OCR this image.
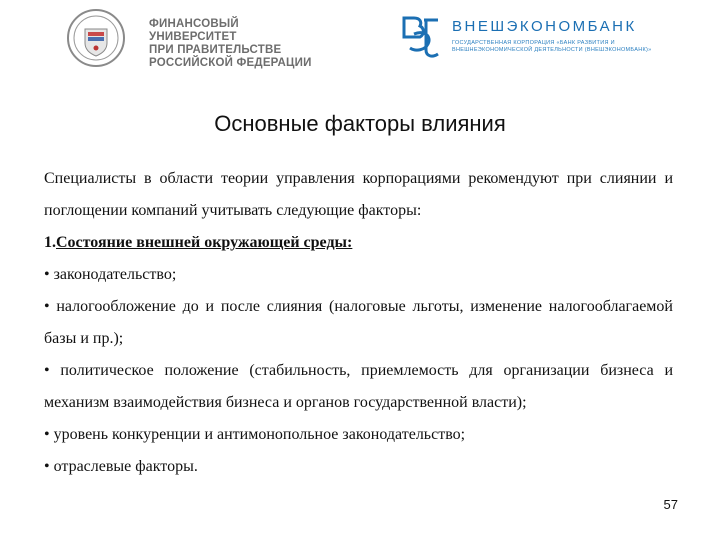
ФИНАНСОВЫЙ УНИВЕРСИТЕТ
ПРИ ПРАВИТЕЛЬСТВЕ
РОССИЙСКОЙ ФЕДЕРАЦИИ
ВНЕШЭКОНОМБАНК
ГОСУДАРСТВЕННАЯ КОРПОРАЦИЯ «БАНК РАЗВИТИЯ И ВНЕШНЕЭКОНОМИЧЕСКОЙ ДЕЯТЕЛЬНОСТИ (ВНЕШЭКОНОМБАНК)»
Основные факторы влияния

Специалисты в области теории управления корпорациями рекомендуют при слиянии и поглощении компаний учитывать следующие факторы:

1.Состояние внешней окружающей среды:

• законодательство;

• налогообложение до и после слияния (налоговые льготы, изменение налогооблагаемой базы и пр.);

• политическое положение (стабильность, приемлемость для организации бизнеса и механизм взаимодействия бизнеса и органов государственной власти);

• уровень конкуренции и антимонопольное законодательство;

• отраслевые факторы.

57
